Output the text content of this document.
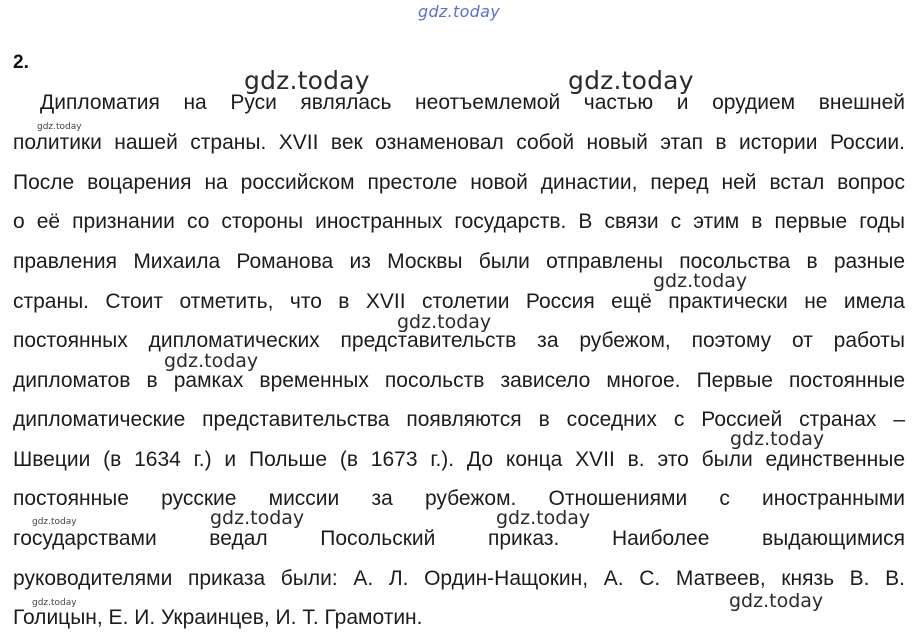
gdz.today
2.
Дипломатия на Руси являлась неотъемлемой частью и орудием внешней
политики нашей страны. XVII век ознаменовал собой новый этап в истории России.
После воцарения на российском престоле новой династии, перед ней встал вопрос
о её признании со стороны иностранных государств. В связи с этим в первые годы
правления Михаила Романова из Москвы были отправлены посольства в разные
страны. Стоит отметить, что в XVII столетии Россия ещё практически не имела
постоянных дипломатических представительств за рубежом, поэтому от работы
дипломатов в рамках временных посольств зависело многое. Первые постоянные
дипломатические представительства появляются в соседних с Россией странах –
Швеции (в 1634 г.) и Польше (в 1673 г.). До конца XVII в. это были единственные
постоянные русские миссии за рубежом. Отношениями с иностранными
государствами ведал Посольский приказ. Наиболее выдающимися
руководителями приказа были: А. Л. Ордин-Нащокин, А. С. Матвеев, князь В. В.
Голицын, Е. И. Украинцев, И. Т. Грамотин.
gdz.today	gdz.today
gdz.today
gdz.today
gdz.today
gdz.today
gdz.today
gdz.today	gdz.today	gdz.today
gdz.today	gdz.today
